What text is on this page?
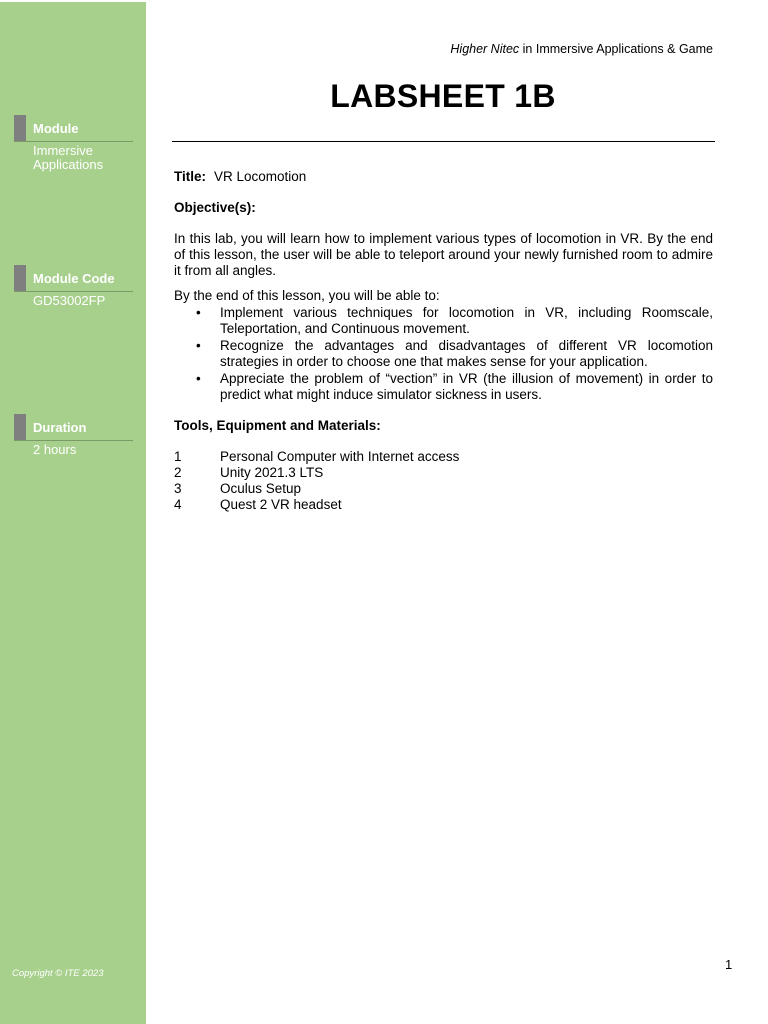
Module
Immersive Applications
Module Code
GD53002FP
Duration
2 hours
Copyright © ITE 2023
Higher Nitec in Immersive Applications & Game
LABSHEET 1B

Title: VR Locomotion

Objective(s):

In this lab, you will learn how to implement various types of locomotion in VR. By the end of this lesson, the user will be able to teleport around your newly furnished room to admire it from all angles.

By the end of this lesson, you will be able to:

• Implement various techniques for locomotion in VR, including Roomscale, Teleportation, and Continuous movement.
• Recognize the advantages and disadvantages of different VR locomotion strategies in order to choose one that makes sense for your application.
• Appreciate the problem of “vection” in VR (the illusion of movement) in order to predict what might induce simulator sickness in users.

Tools, Equipment and Materials:

1	Personal Computer with Internet access
2	Unity 2021.3 LTS
3	Oculus Setup
4	Quest 2 VR headset
1
